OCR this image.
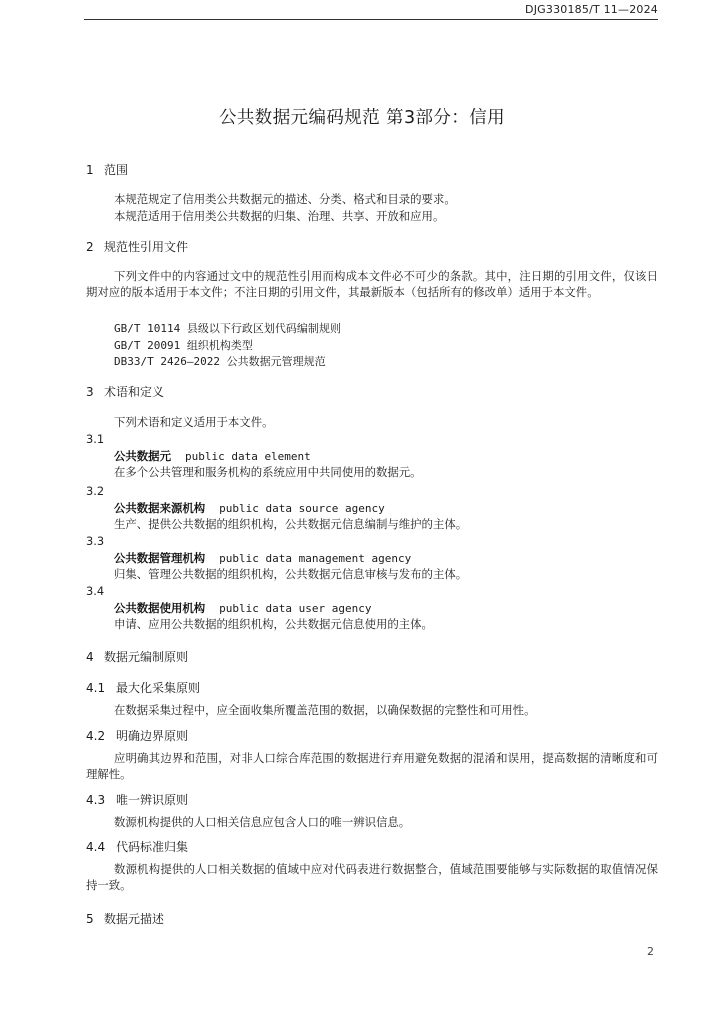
DJG330185/T 11—2024
公共数据元编码规范 第3部分：信用
1 范围
本规范规定了信用类公共数据元的描述、分类、格式和目录的要求。
本规范适用于信用类公共数据的归集、治理、共享、开放和应用。
2 规范性引用文件
下列文件中的内容通过文中的规范性引用而构成本文件必不可少的条款。其中，注日期的引用文件，仅该日期对应的版本适用于本文件；不注日期的引用文件，其最新版本（包括所有的修改单）适用于本文件。
GB/T 10114 县级以下行政区划代码编制规则
GB/T 20091 组织机构类型
DB33/T 2426—2022 公共数据元管理规范
3 术语和定义
下列术语和定义适用于本文件。
3.1
公共数据元 public data element
在多个公共管理和服务机构的系统应用中共同使用的数据元。
3.2
公共数据来源机构 public data source agency
生产、提供公共数据的组织机构，公共数据元信息编制与维护的主体。
3.3
公共数据管理机构 public data management agency
归集、管理公共数据的组织机构，公共数据元信息审核与发布的主体。
3.4
公共数据使用机构 public data user agency
申请、应用公共数据的组织机构，公共数据元信息使用的主体。
4 数据元编制原则
4.1 最大化采集原则
在数据采集过程中，应全面收集所覆盖范围的数据，以确保数据的完整性和可用性。
4.2 明确边界原则
应明确其边界和范围，对非人口综合库范围的数据进行弃用避免数据的混淆和误用，提高数据的清晰度和可理解性。
4.3 唯一辨识原则
数源机构提供的人口相关信息应包含人口的唯一辨识信息。
4.4 代码标准归集
数源机构提供的人口相关数据的值域中应对代码表进行数据整合，值域范围要能够与实际数据的取值情况保持一致。
5 数据元描述
2
